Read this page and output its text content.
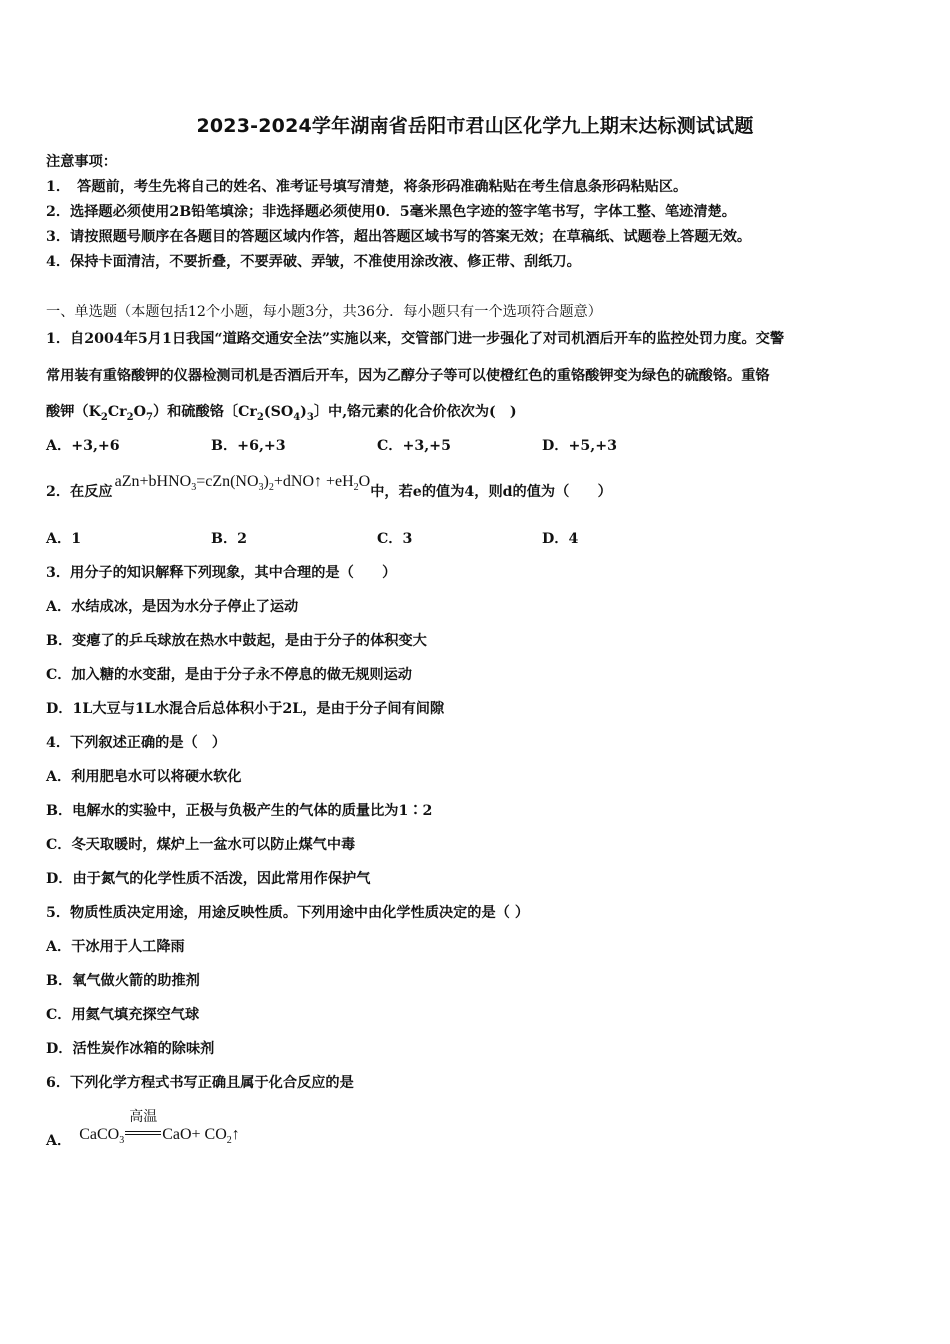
2023-2024学年湖南省岳阳市君山区化学九上期末达标测试试题
注意事项：
1．　答题前，考生先将自己的姓名、准考证号填写清楚，将条形码准确粘贴在考生信息条形码粘贴区。
2．选择题必须使用2B铅笔填涂；非选择题必须使用0．5毫米黑色字迹的签字笔书写，字体工整、笔迹清楚。
3．请按照题号顺序在各题目的答题区域内作答，超出答题区域书写的答案无效；在草稿纸、试题卷上答题无效。
4．保持卡面清洁，不要折叠，不要弄破、弄皱，不准使用涂改液、修正带、刮纸刀。
一、单选题（本题包括12个小题，每小题3分，共36分．每小题只有一个选项符合题意）
1．自2004年5月1日我国“道路交通安全法”实施以来，交管部门进一步强化了对司机酒后开车的监控处罚力度。交警
常用装有重铬酸钾的仪器检测司机是否酒后开车，因为乙醇分子等可以使橙红色的重铬酸钾变为绿色的硫酸铬。重铬
酸钾$(K_2Cr_2O_7)$和硫酸铬〔$Cr_2(SO_4)_3$〕中,铬元素的化合价依次为(　)
A．+3,+6	B．+6,+3	C．+3,+5	D．+5,+3
2．在反应$aZn+bHNO_3=cZn(NO_3)_2+dNO↑ +eH_2O$中，若e的值为4，则d的值为（　　）
A．1	B．2	C．3	D．4
3．用分子的知识解释下列现象，其中合理的是（　　）
A．水结成冰，是因为水分子停止了运动
B．变瘪了的乒乓球放在热水中鼓起，是由于分子的体积变大
C．加入糖的水变甜，是由于分子永不停息的做无规则运动
D．1L大豆与1L水混合后总体积小于2L，是由于分子间有间隙
4．下列叙述正确的是（　）
A．利用肥皂水可以将硬水软化
B．电解水的实验中，正极与负极产生的气体的质量比为1∶2
C．冬天取暖时，煤炉上一盆水可以防止煤气中毒
D．由于氮气的化学性质不活泼，因此常用作保护气
5．物质性质决定用途，用途反映性质。下列用途中由化学性质决定的是（ ）
A．干冰用于人工降雨
B．氧气做火箭的助推剂
C．用氦气填充探空气球
D．活性炭作冰箱的除味剂
6．下列化学方程式书写正确且属于化合反应的是
A． CaCO$_3$
高温
$CaO+ CO_2↑$
